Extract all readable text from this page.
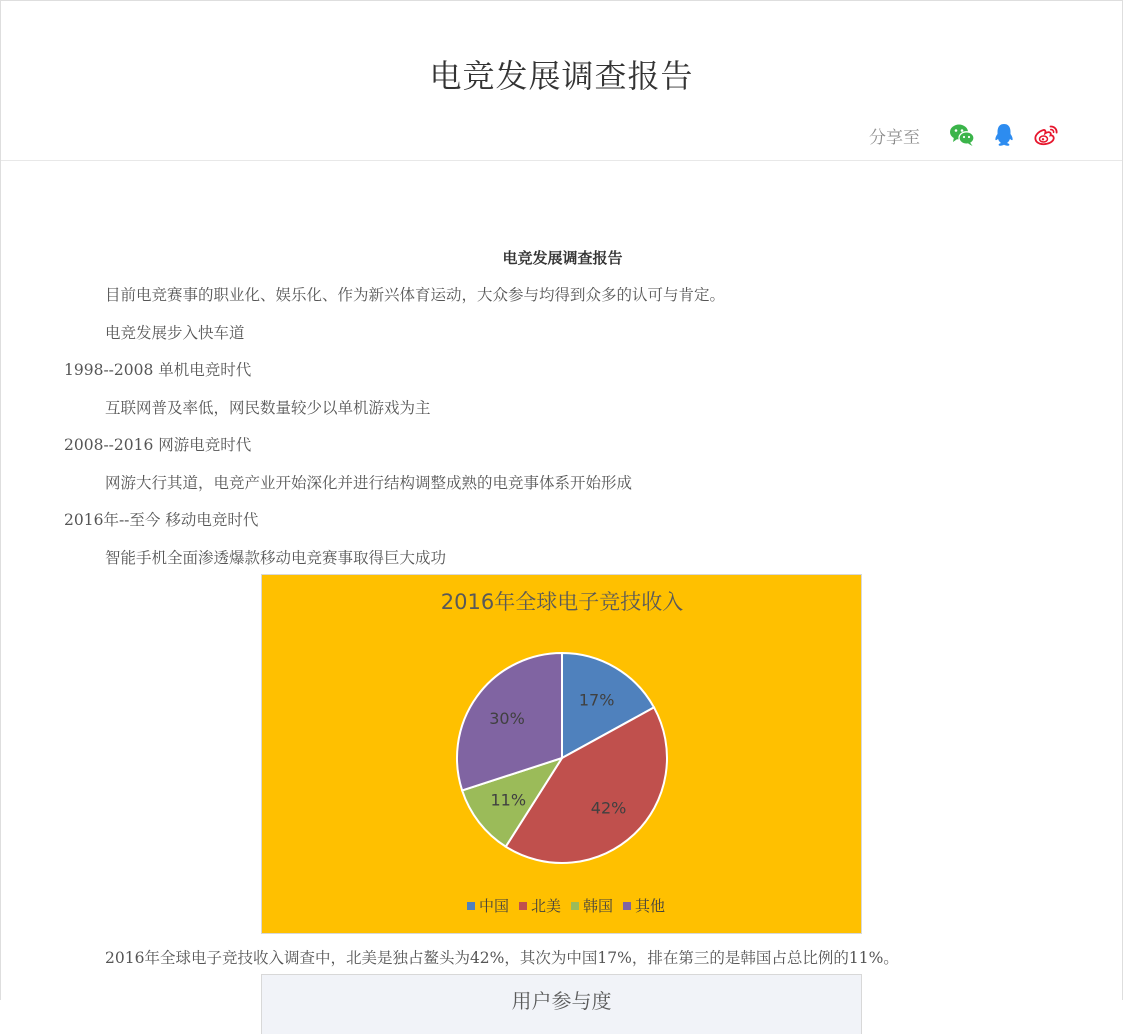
电竞发展调查报告
分享至
电竞发展调查报告
目前电竞赛事的职业化、娱乐化、作为新兴体育运动，大众参与均得到众多的认可与肯定。
电竞发展步入快车道
1998--2008 单机电竞时代
互联网普及率低，网民数量较少以单机游戏为主
2008--2016 网游电竞时代
网游大行其道，电竞产业开始深化并进行结构调整成熟的电竞事体系开始形成
2016年--至今 移动电竞时代
智能手机全面渗透爆款移动电竞赛事取得巨大成功
2016年全球电子竞技收入
17%
42%
11%
30%
中国 北美 韩国 其他
2016年全球电子竞技收入调查中，北美是独占鳌头为42%，其次为中国17%，排在第三的是韩国占总比例的11%。
用户参与度
